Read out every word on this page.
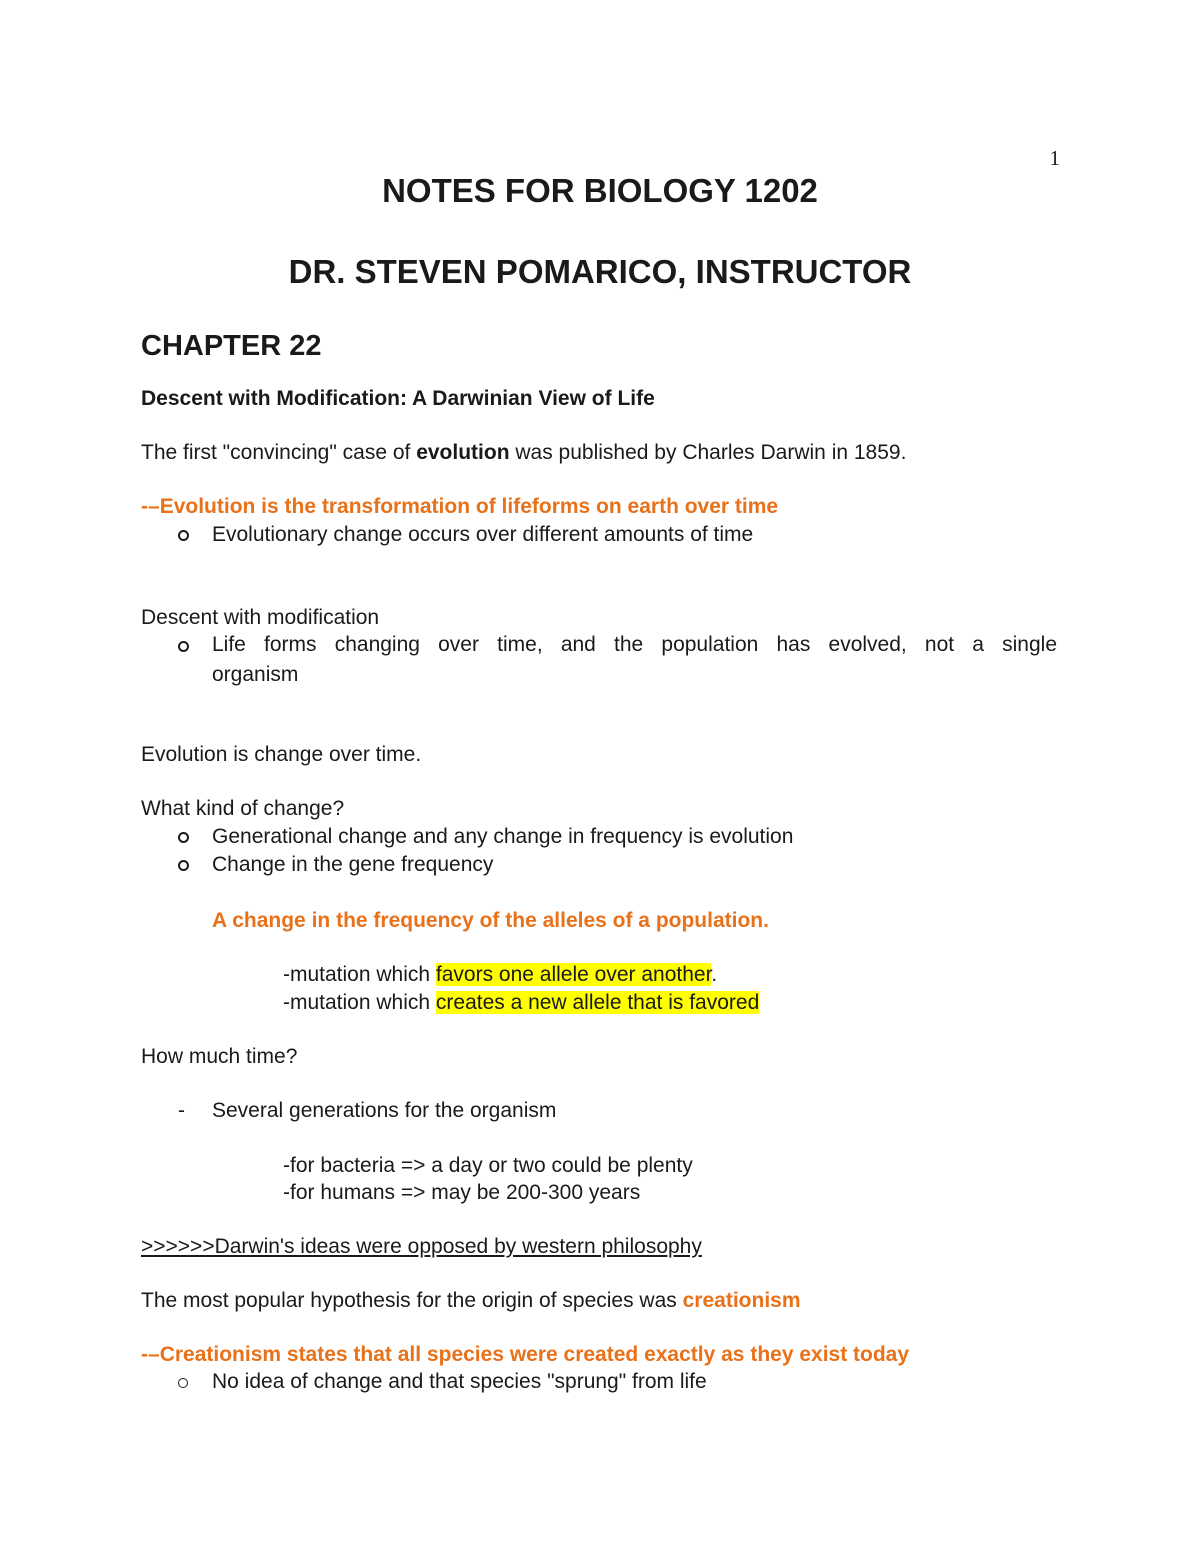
1
NOTES FOR BIOLOGY 1202
DR. STEVEN POMARICO, INSTRUCTOR
CHAPTER 22
Descent with Modification: A Darwinian View of Life
The first "convincing" case of evolution was published by Charles Darwin in 1859.
-–Evolution is the transformation of lifeforms on earth over time
Evolutionary change occurs over different amounts of time
Descent with modification
Life forms changing over time, and the population has evolved, not a single
organism
Evolution is change over time.
What kind of change?
Generational change and any change in frequency is evolution
Change in the gene frequency
A change in the frequency of the alleles of a population.
-mutation which favors one allele over another.
-mutation which creates a new allele that is favored
How much time?
- Several generations for the organism
-for bacteria => a day or two could be plenty
-for humans => may be 200-300 years
>>>>>>Darwin's ideas were opposed by western philosophy
The most popular hypothesis for the origin of species was creationism
-–Creationism states that all species were created exactly as they exist today
No idea of change and that species "sprung" from life
